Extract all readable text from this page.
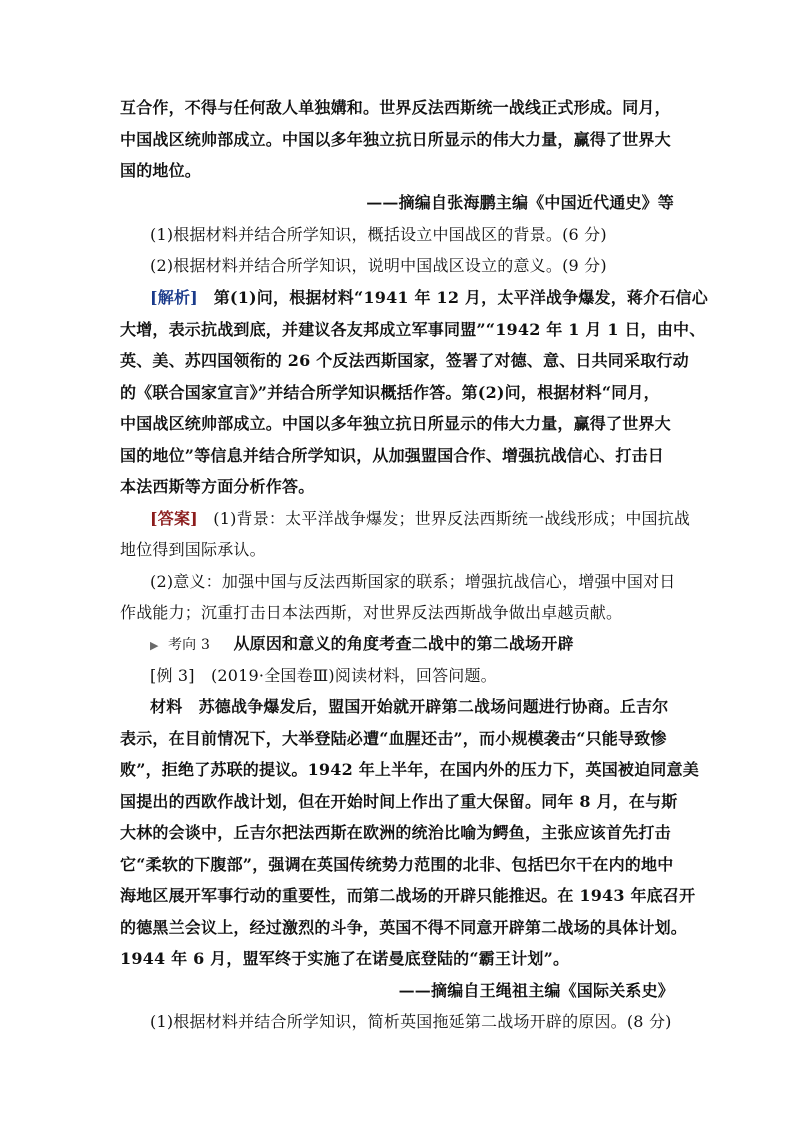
互合作，不得与任何敌人单独媾和。世界反法西斯统一战线正式形成。同月，
中国战区统帅部成立。中国以多年独立抗日所显示的伟大力量，赢得了世界大
国的地位。
——摘编自张海鹏主编《中国近代通史》等
(1)根据材料并结合所学知识，概括设立中国战区的背景。(6 分)
(2)根据材料并结合所学知识，说明中国战区设立的意义。(9 分)
[解析] 第(1)问，根据材料“1941 年 12 月，太平洋战争爆发，蒋介石信心
大增，表示抗战到底，并建议各友邦成立军事同盟”“1942 年 1 月 1 日，由中、
英、美、苏四国领衔的 26 个反法西斯国家，签署了对德、意、日共同采取行动
的《联合国家宣言》”并结合所学知识概括作答。第(2)问，根据材料“同月，
中国战区统帅部成立。中国以多年独立抗日所显示的伟大力量，赢得了世界大
国的地位”等信息并结合所学知识，从加强盟国合作、增强抗战信心、打击日
本法西斯等方面分析作答。
[答案] (1)背景：太平洋战争爆发；世界反法西斯统一战线形成；中国抗战
地位得到国际承认。
(2)意义：加强中国与反法西斯国家的联系；增强抗战信心，增强中国对日
作战能力；沉重打击日本法西斯，对世界反法西斯战争做出卓越贡献。
▶ 考向 3 从原因和意义的角度考查二战中的第二战场开辟
[例 3]　(2019·全国卷Ⅲ)阅读材料，回答问题。
材料　苏德战争爆发后，盟国开始就开辟第二战场问题进行协商。丘吉尔
表示，在目前情况下，大举登陆必遭“血腥还击”，而小规模袭击“只能导致惨
败”，拒绝了苏联的提议。1942 年上半年，在国内外的压力下，英国被迫同意美
国提出的西欧作战计划，但在开始时间上作出了重大保留。同年 8 月，在与斯
大林的会谈中，丘吉尔把法西斯在欧洲的统治比喻为鳄鱼，主张应该首先打击
它“柔软的下腹部”，强调在英国传统势力范围的北非、包括巴尔干在内的地中
海地区展开军事行动的重要性，而第二战场的开辟只能推迟。在 1943 年底召开
的德黑兰会议上，经过激烈的斗争，英国不得不同意开辟第二战场的具体计划。
1944 年 6 月，盟军终于实施了在诺曼底登陆的“霸王计划”。
——摘编自王绳祖主编《国际关系史》
(1)根据材料并结合所学知识，简析英国拖延第二战场开辟的原因。(8 分)
